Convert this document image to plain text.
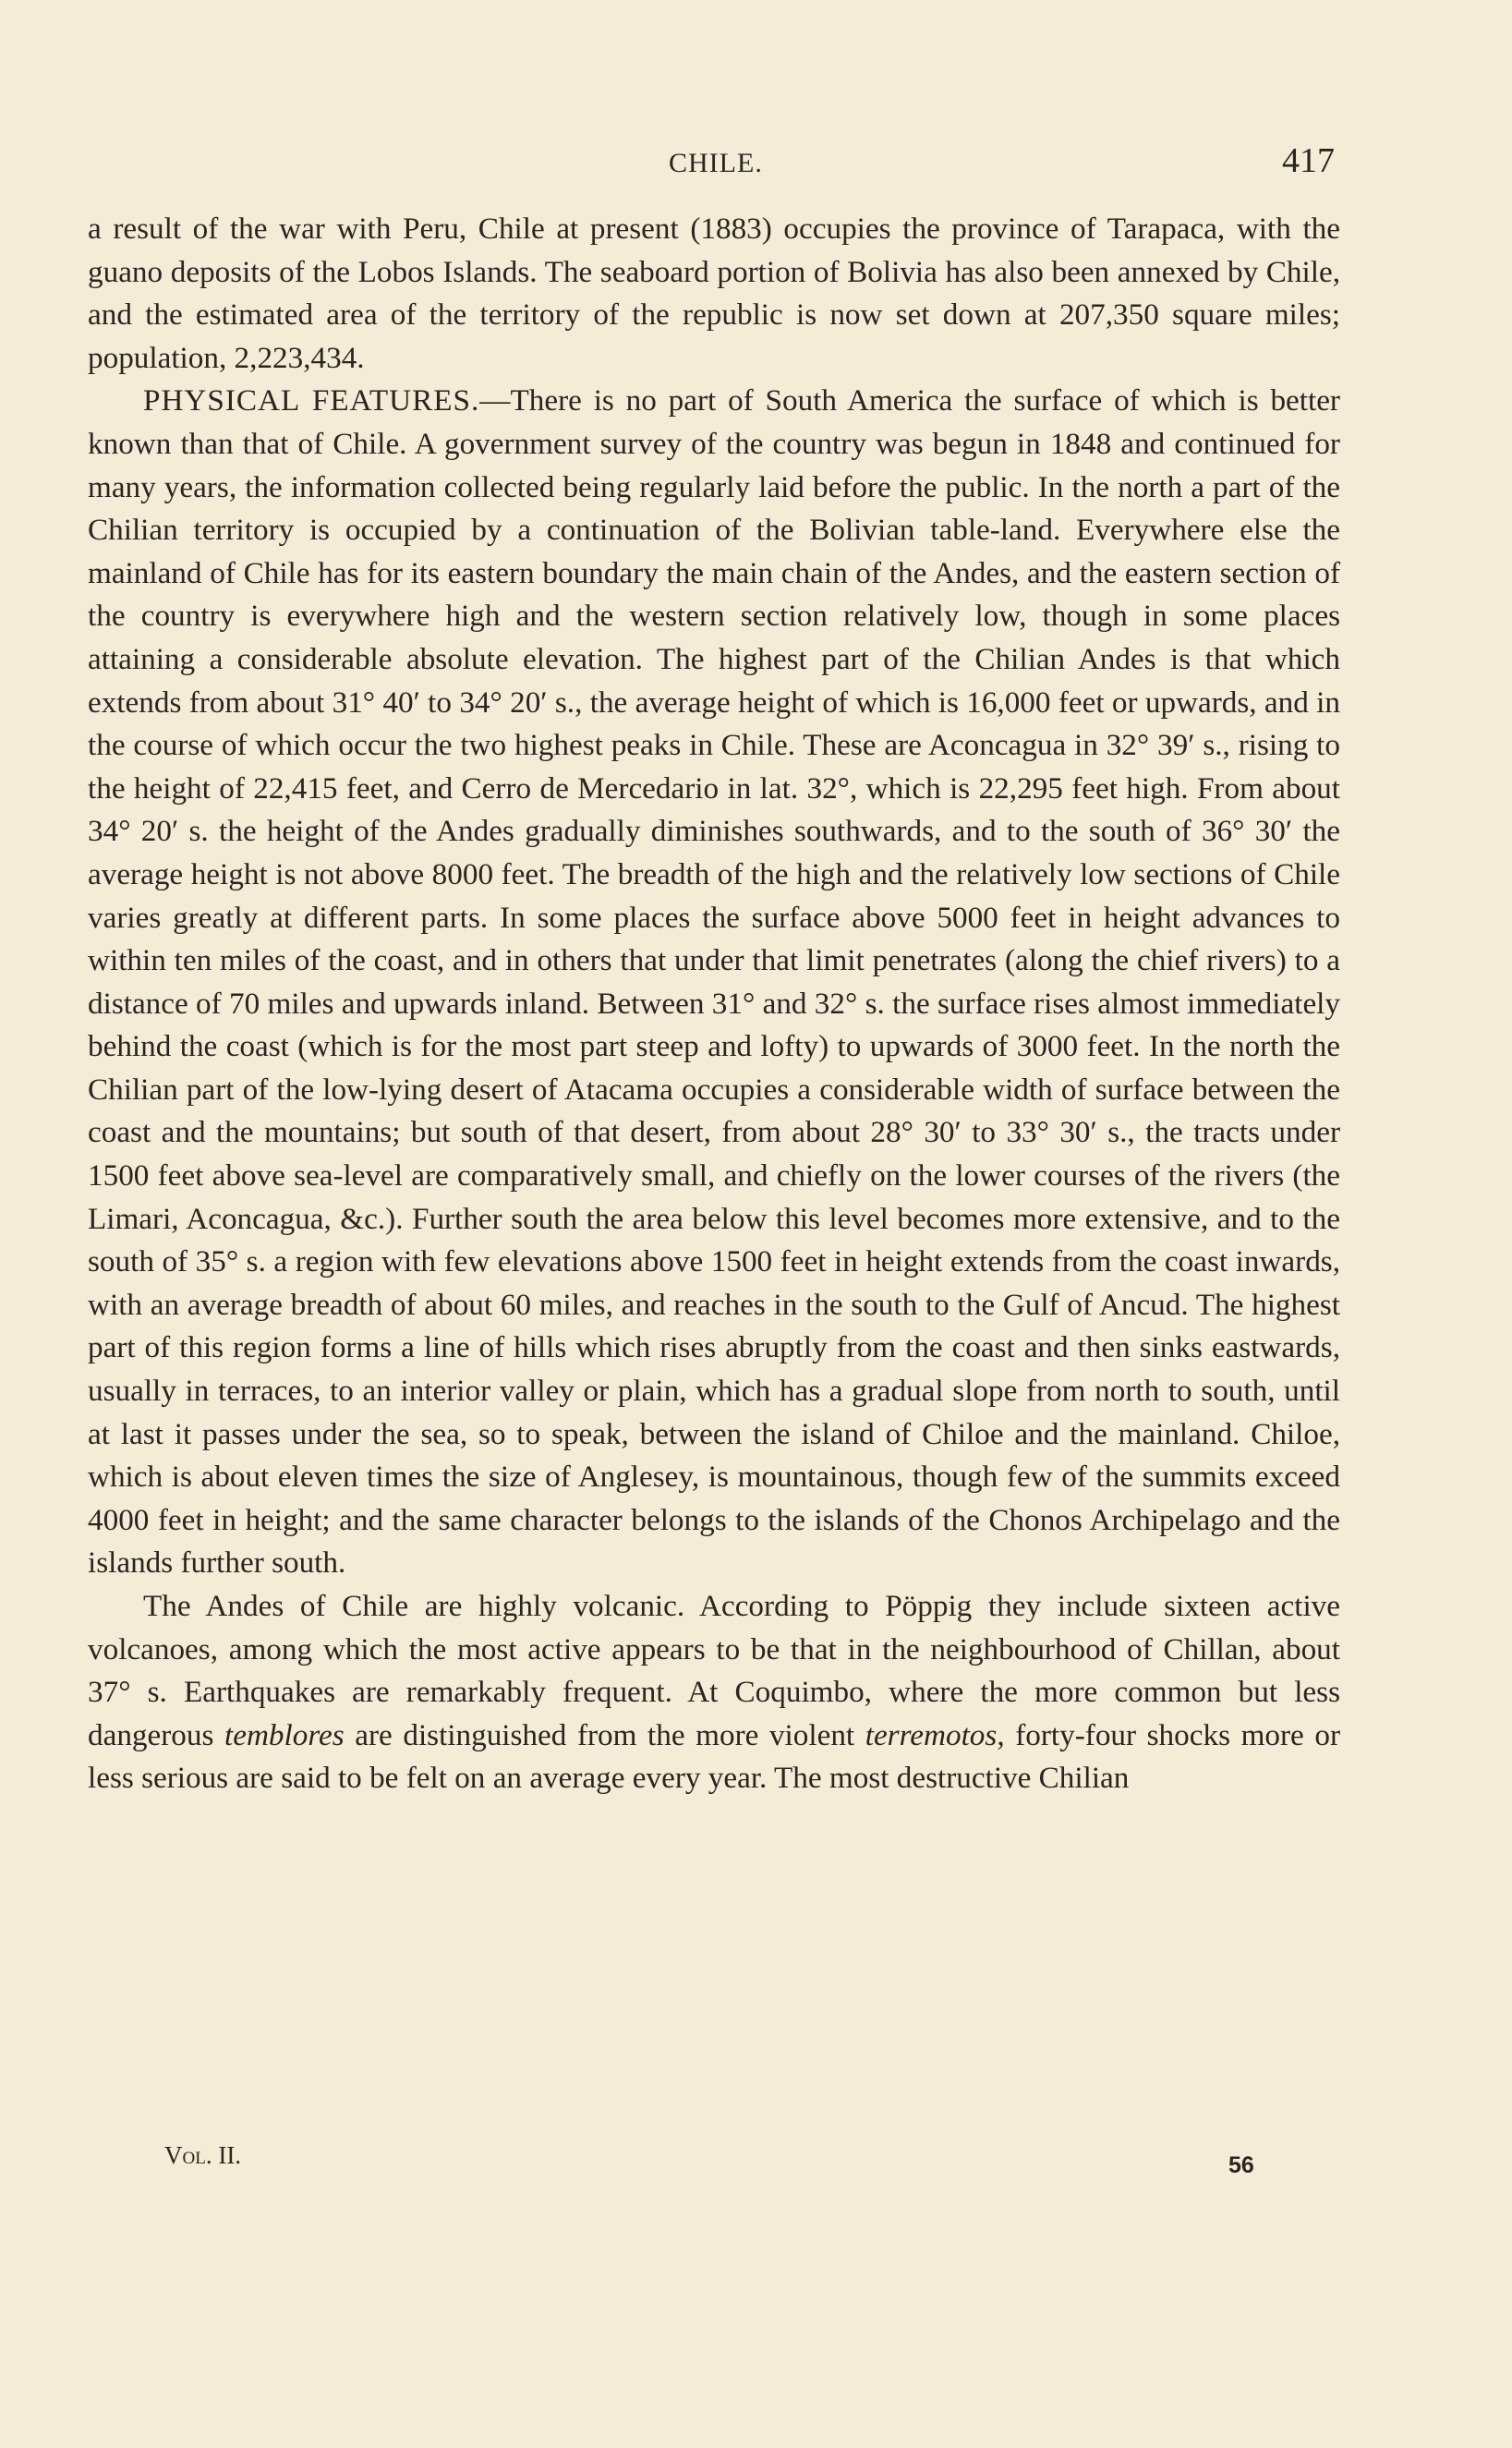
CHILE.	417

a result of the war with Peru, Chile at present (1883) occupies the province of Tarapaca, with the guano deposits of the Lobos Islands. The seaboard portion of Bolivia has also been annexed by Chile, and the estimated area of the territory of the republic is now set down at 207,350 square miles; population, 2,223,434.

PHYSICAL FEATURES.—There is no part of South America the surface of which is better known than that of Chile. A government survey of the country was begun in 1848 and continued for many years, the information collected being regularly laid before the public. In the north a part of the Chilian territory is occupied by a continuation of the Bolivian table-land. Everywhere else the mainland of Chile has for its eastern boundary the main chain of the Andes, and the eastern section of the country is everywhere high and the western section relatively low, though in some places attaining a considerable absolute elevation. The highest part of the Chilian Andes is that which extends from about 31° 40′ to 34° 20′ s., the average height of which is 16,000 feet or upwards, and in the course of which occur the two highest peaks in Chile. These are Aconcagua in 32° 39′ s., rising to the height of 22,415 feet, and Cerro de Mercedario in lat. 32°, which is 22,295 feet high. From about 34° 20′ s. the height of the Andes gradually diminishes southwards, and to the south of 36° 30′ the average height is not above 8000 feet. The breadth of the high and the relatively low sections of Chile varies greatly at different parts. In some places the surface above 5000 feet in height advances to within ten miles of the coast, and in others that under that limit penetrates (along the chief rivers) to a distance of 70 miles and upwards inland. Between 31° and 32° s. the surface rises almost immediately behind the coast (which is for the most part steep and lofty) to upwards of 3000 feet. In the north the Chilian part of the low-lying desert of Atacama occupies a considerable width of surface between the coast and the mountains; but south of that desert, from about 28° 30′ to 33° 30′ s., the tracts under 1500 feet above sea-level are comparatively small, and chiefly on the lower courses of the rivers (the Limari, Aconcagua, &c.). Further south the area below this level becomes more extensive, and to the south of 35° s. a region with few elevations above 1500 feet in height extends from the coast inwards, with an average breadth of about 60 miles, and reaches in the south to the Gulf of Ancud. The highest part of this region forms a line of hills which rises abruptly from the coast and then sinks eastwards, usually in terraces, to an interior valley or plain, which has a gradual slope from north to south, until at last it passes under the sea, so to speak, between the island of Chiloe and the mainland. Chiloe, which is about eleven times the size of Anglesey, is mountainous, though few of the summits exceed 4000 feet in height; and the same character belongs to the islands of the Chonos Archipelago and the islands further south.

The Andes of Chile are highly volcanic. According to Pöppig they include sixteen active volcanoes, among which the most active appears to be that in the neighbourhood of Chillan, about 37° s. Earthquakes are remarkably frequent. At Coquimbo, where the more common but less dangerous temblores are distinguished from the more violent terremotos, forty-four shocks more or less serious are said to be felt on an average every year. The most destructive Chilian

Vol. II.	56
